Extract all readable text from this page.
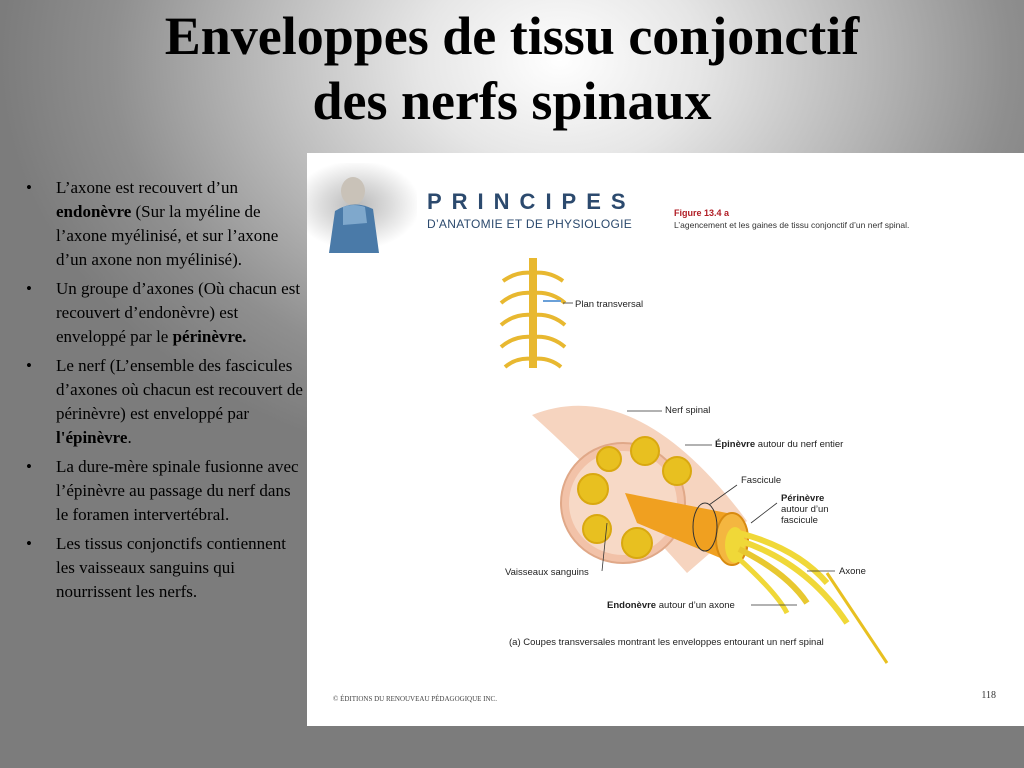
Enveloppes de tissu conjonctif
des nerfs spinaux
• L’axone est recouvert d’un endonèvre (Sur la myéline de l’axone myélinisé, et sur l’axone d’un axone non myélinisé).
• Un groupe d’axones (Où chacun est recouvert d’endonèvre) est enveloppé par le périnèvre.
• Le nerf (L’ensemble des fascicules d’axones où chacun est recouvert de périnèvre) est enveloppé par l'épinèvre.
• La dure-mère spinale fusionne avec l’épinèvre au passage du nerf dans le foramen intervertébral.
• Les tissus conjonctifs contiennent les vaisseaux sanguins qui nourrissent les nerfs.
PRINCIPES
D’ANATOMIE ET DE PHYSIOLOGIE
Figure 13.4 a
L’agencement et les gaines de tissu conjonctif d’un nerf spinal.
Plan transversal
Nerf spinal
Épinèvre autour du nerf entier
Fascicule
Périnèvre
autour d’un
fascicule
Vaisseaux sanguins	Axone
Endonèvre autour d’un axone
(a) Coupes transversales montrant les enveloppes entourant un nerf spinal
© ÉDITIONS DU RENOUVEAU PÉDAGOGIQUE INC.	118
